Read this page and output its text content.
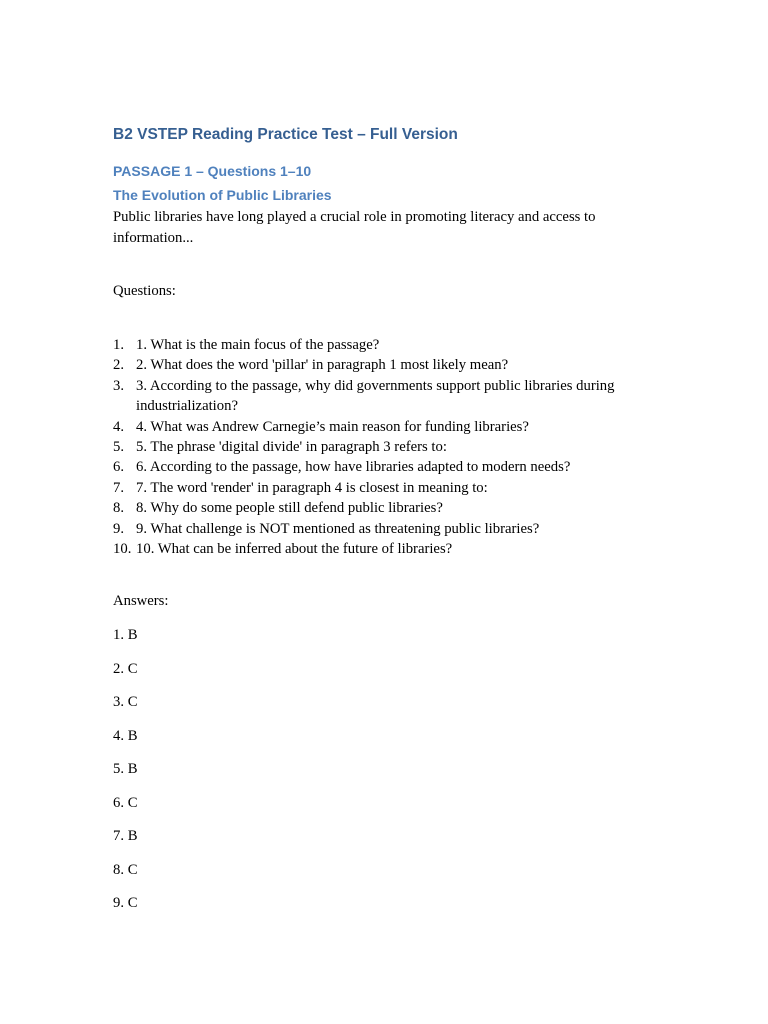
B2 VSTEP Reading Practice Test – Full Version
PASSAGE 1 – Questions 1–10
The Evolution of Public Libraries

Public libraries have long played a crucial role in promoting literacy and access to information...

Questions:

1. 1. What is the main focus of the passage?
2. 2. What does the word 'pillar' in paragraph 1 most likely mean?
3. 3. According to the passage, why did governments support public libraries during industrialization?
4. 4. What was Andrew Carnegie’s main reason for funding libraries?
5. 5. The phrase 'digital divide' in paragraph 3 refers to:
6. 6. According to the passage, how have libraries adapted to modern needs?
7. 7. The word 'render' in paragraph 4 is closest in meaning to:
8. 8. Why do some people still defend public libraries?
9. 9. What challenge is NOT mentioned as threatening public libraries?
10. 10. What can be inferred about the future of libraries?

Answers:

1. B

2. C

3. C

4. B

5. B

6. C

7. B

8. C

9. C
